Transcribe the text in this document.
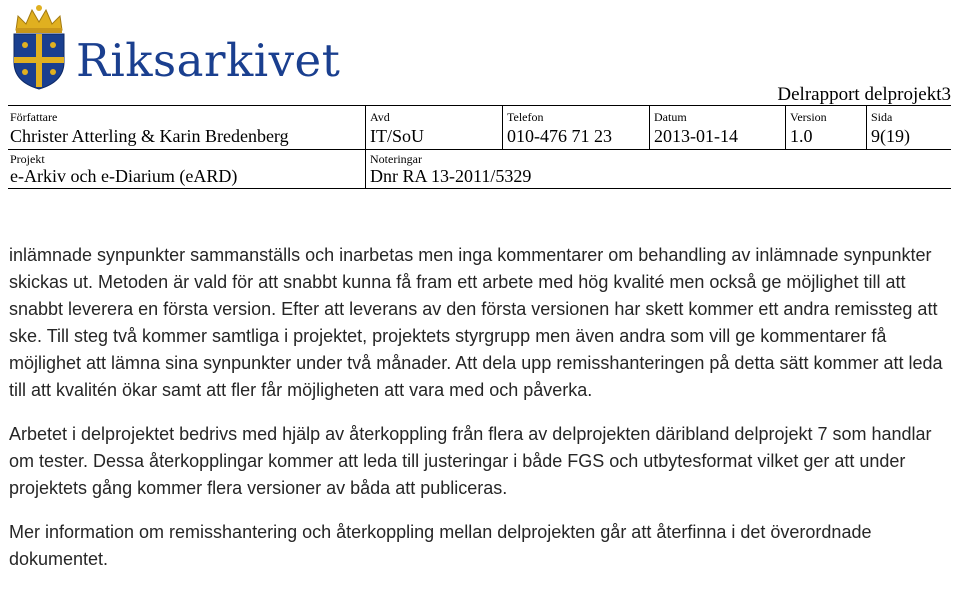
Riksarkivet
Delrapport delprojekt3
Författare
Christer Atterling & Karin Bredenberg
Avd
IT/SoU
Telefon
010-476 71 23
Datum
2013-01-14
Version
1.0
Sida
9(19)
Projekt
e-Arkiv och e-Diarium (eARD)
Noteringar
Dnr RA 13-2011/5329

inlämnade synpunkter sammanställs och inarbetas men inga kommentarer om behandling av inlämnade synpunkter skickas ut. Metoden är vald för att snabbt kunna få fram ett arbete med hög kvalité men också ge möjlighet till att snabbt leverera en första version. Efter att leverans av den första versionen har skett kommer ett andra remissteg att ske. Till steg två kommer samtliga i projektet, projektets styrgrupp men även andra som vill ge kommentarer få möjlighet att lämna sina synpunkter under två månader. Att dela upp remisshanteringen på detta sätt kommer att leda till att kvalitén ökar samt att fler får möjligheten att vara med och påverka.

Arbetet i delprojektet bedrivs med hjälp av återkoppling från flera av delprojekten däribland delprojekt 7 som handlar om tester. Dessa återkopplingar kommer att leda till justeringar i både FGS och utbytesformat vilket ger att under projektets gång kommer flera versioner av båda att publiceras.

Mer information om remisshantering och återkoppling mellan delprojekten går att återfinna i det överordnade dokumentet.
